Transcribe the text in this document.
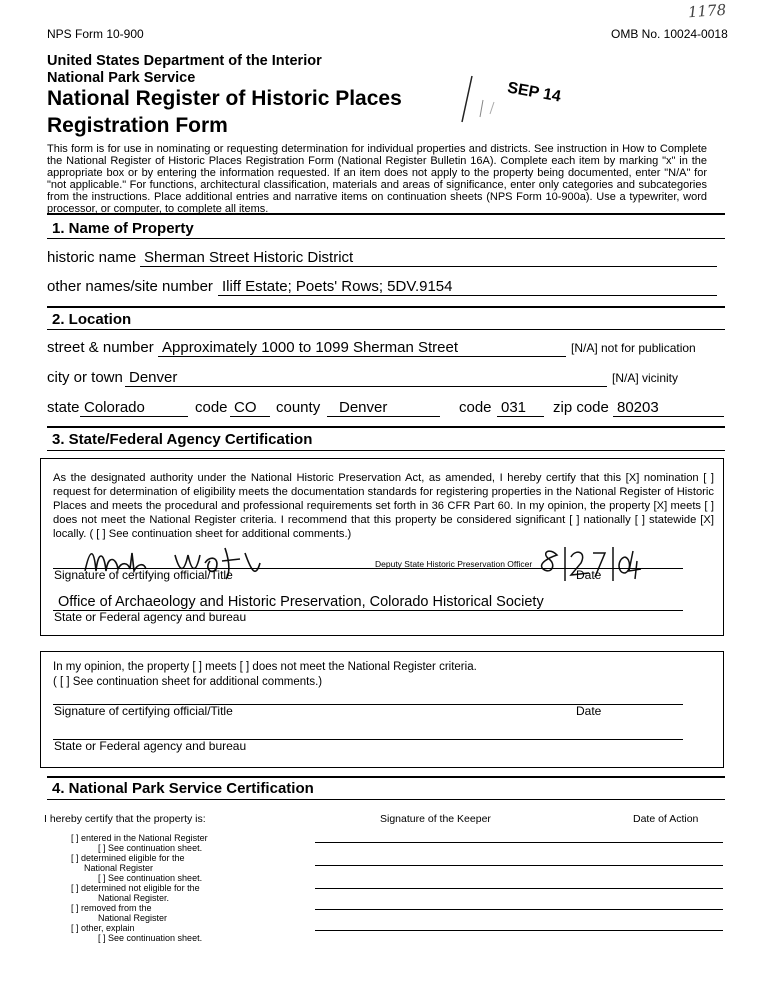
NPS Form 10-900	OMB No. 10024-0018
1178
United States Department of the Interior
National Park Service
National Register of Historic Places
Registration Form
SEP 14
This form is for use in nominating or requesting determination for individual properties and districts. See instruction in How to Complete the National Register of Historic Places Registration Form (National Register Bulletin 16A). Complete each item by marking "x" in the appropriate box or by entering the information requested. If an item does not apply to the property being documented, enter "N/A" for "not applicable." For functions, architectural classification, materials and areas of significance, enter only categories and subcategories from the instructions. Place additional entries and narrative items on continuation sheets (NPS Form 10-900a). Use a typewriter, word processor, or computer, to complete all items.
1. Name of Property
historic name Sherman Street Historic District
other names/site number Iliff Estate; Poets' Rows; 5DV.9154
2. Location
street & number Approximately 1000 to 1099 Sherman Street	[N/A] not for publication
city or town Denver	[N/A] vicinity
state Colorado	code CO	county	Denver	code 031	zip code 80203
3. State/Federal Agency Certification
As the designated authority under the National Historic Preservation Act, as amended, I hereby certify that this [X] nomination [ ] request for determination of eligibility meets the documentation standards for registering properties in the National Register of Historic Places and meets the procedural and professional requirements set forth in 36 CFR Part 60. In my opinion, the property [X] meets [ ] does not meet the National Register criteria. I recommend that this property be considered significant [ ] nationally [ ] statewide [X] locally. ( [ ] See continuation sheet for additional comments.)
Signature of certifying official/Title
Deputy State Historic Preservation Officer
Date
Office of Archaeology and Historic Preservation, Colorado Historical Society
State or Federal agency and bureau
In my opinion, the property [ ] meets [ ] does not meet the National Register criteria.
( [ ] See continuation sheet for additional comments.)
Signature of certifying official/Title	Date
State or Federal agency and bureau
4. National Park Service Certification
I hereby certify that the property is:	Signature of the Keeper	Date of Action
[ ] entered in the National Register
[ ] See continuation sheet.
[ ] determined eligible for the
National Register
[ ] See continuation sheet.
[ ] determined not eligible for the
National Register.
[ ] removed from the
National Register
[ ] other, explain
[ ] See continuation sheet.
